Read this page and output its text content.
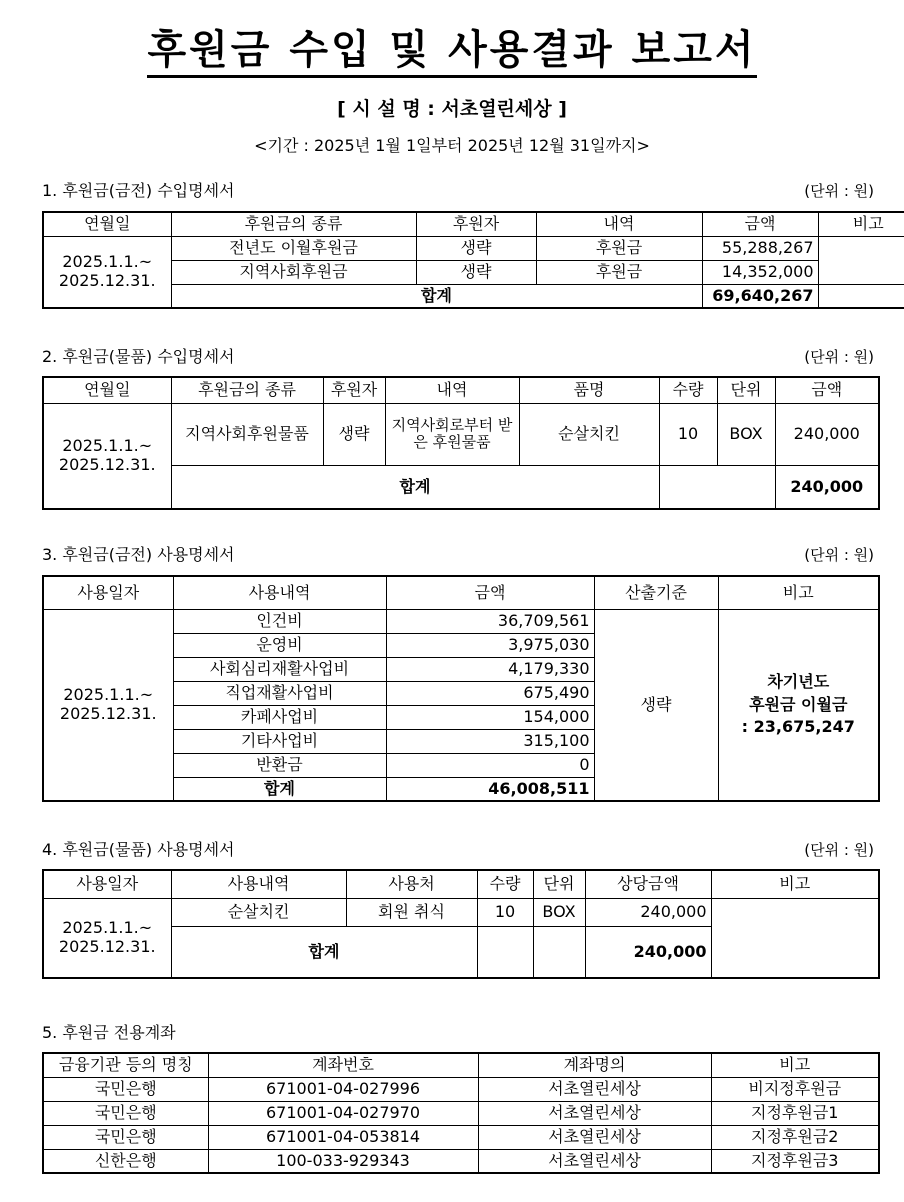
후원금 수입 및 사용결과 보고서
[ 시 설 명 : 서초열린세상 ]
<기간 : 2025년 1월 1일부터 2025년 12월 31일까지>
1. 후원금(금전) 수입명세서	(단위 : 원)
연월일	후원금의 종류	후원자	내역	금액	비고
2025.1.1.~ 2025.12.31.	전년도 이월후원금	생략	후원금	55,288,267	
	지역사회후원금	생략	후원금	14,352,000	
	합계			69,640,267	
2. 후원금(물품) 수입명세서	(단위 : 원)
연월일	후원금의 종류	후원자	내역	품명	수량	단위	금액
2025.1.1.~ 2025.12.31.	지역사회후원물품	생략	지역사회로부터 받은 후원물품	순살치킨	10	BOX	240,000
	합계						240,000
3. 후원금(금전) 사용명세서	(단위 : 원)
사용일자	사용내역	금액	산출기준	비고
2025.1.1.~ 2025.12.31.	인건비	36,709,561	생략	차기년도
후원금 이월금
: 23,675,247

	운영비	3,975,030		
	사회심리재활사업비	4,179,330		
	직업재활사업비	675,490		
	카페사업비	154,000		
	기타사업비	315,100		
	반환금	0		
	합계	46,008,511		
4. 후원금(물품) 사용명세서	(단위 : 원)
사용일자	사용내역	사용처	수량	단위	상당금액	비고
2025.1.1.~ 2025.12.31.	순살치킨	회원 취식	10	BOX	240,000	
	합계				240,000	
5. 후원금 전용계좌
금융기관 등의 명칭	계좌번호	계좌명의	비고
국민은행	671001-04-027996	서초열린세상	비지정후원금
국민은행	671001-04-027970	서초열린세상	지정후원금1
국민은행	671001-04-053814	서초열린세상	지정후원금2
신한은행	100-033-929343	서초열린세상	지정후원금3
